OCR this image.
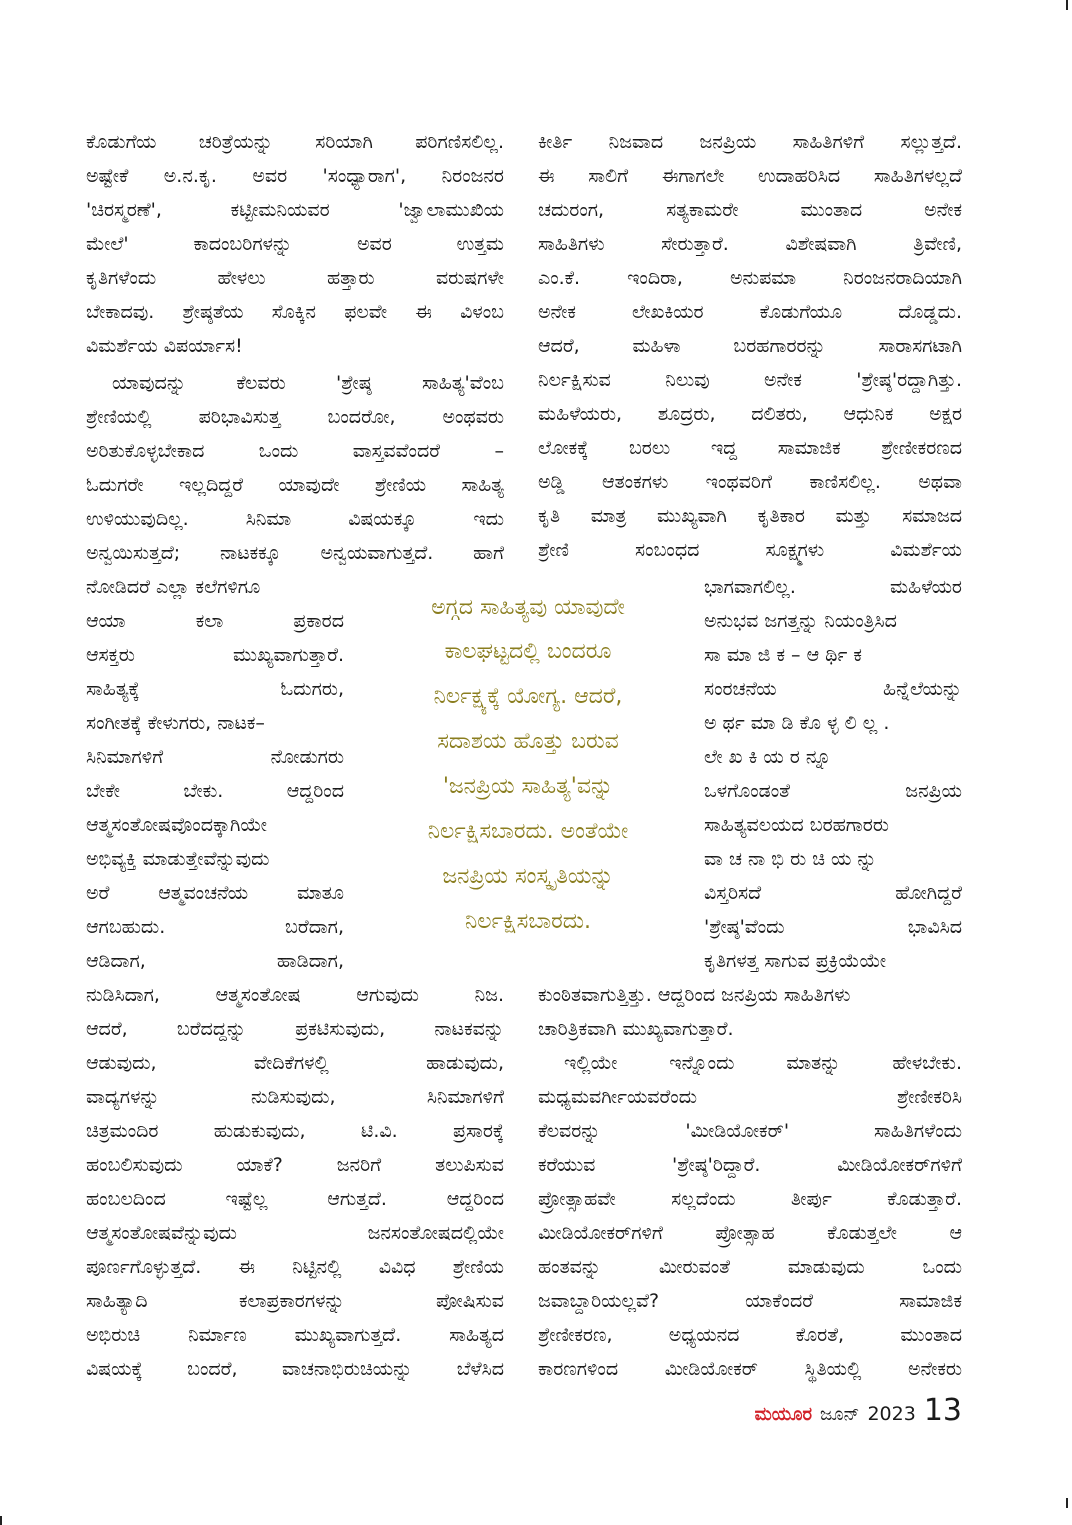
ಕೊಡುಗೆಯ ಚರಿತ್ರೆಯನ್ನು ಸರಿಯಾಗಿ ಪರಿಗಣಿಸಲಿಲ್ಲ.
ಅಷ್ಟೇಕೆ ಅ.ನ.ಕೃ. ಅವರ 'ಸಂಧ್ಯಾರಾಗ', ನಿರಂಜನರ
'ಚಿರಸ್ಮರಣೆ', ಕಟ್ಟೀಮನಿಯವರ 'ಜ್ವಾಲಾಮುಖಿಯ
ಮೇಲೆ' ಕಾದಂಬರಿಗಳನ್ನು ಅವರ ಉತ್ತಮ
ಕೃತಿಗಳೆಂದು ಹೇಳಲು ಹತ್ತಾರು ವರುಷಗಳೇ
ಬೇಕಾದವು. ಶ್ರೇಷ್ಠತೆಯ ಸೊಕ್ಕಿನ ಫಲವೇ ಈ ವಿಳಂಬ
ವಿಮರ್ಶೆಯ ವಿಪರ್ಯಾಸ!
ಯಾವುದನ್ನು ಕೆಲವರು 'ಶ್ರೇಷ್ಠ ಸಾಹಿತ್ಯ'ವೆಂಬ
ಶ್ರೇಣಿಯಲ್ಲಿ ಪರಿಭಾವಿಸುತ್ತ ಬಂದರೋ, ಅಂಥವರು
ಅರಿತುಕೊಳ್ಳಬೇಕಾದ ಒಂದು ವಾಸ್ತವವೆಂದರೆ –
ಓದುಗರೇ ಇಲ್ಲದಿದ್ದರೆ ಯಾವುದೇ ಶ್ರೇಣಿಯ ಸಾಹಿತ್ಯ
ಉಳಿಯುವುದಿಲ್ಲ. ಸಿನಿಮಾ ವಿಷಯಕ್ಕೂ ಇದು
ಅನ್ವಯಿಸುತ್ತದೆ; ನಾಟಕಕ್ಕೂ ಅನ್ವಯವಾಗುತ್ತದೆ. ಹಾಗೆ
ನೋಡಿದರೆ ಎಲ್ಲಾ ಕಲೆಗಳಿಗೂ
ಆಯಾ ಕಲಾ ಪ್ರಕಾರದ
ಆಸಕ್ತರು ಮುಖ್ಯವಾಗುತ್ತಾರೆ.
ಸಾಹಿತ್ಯಕ್ಕೆ ಓದುಗರು,
ಸಂಗೀತಕ್ಕೆ ಕೇಳುಗರು, ನಾಟಕ–
ಸಿನಿಮಾಗಳಿಗೆ ನೋಡುಗರು
ಬೇಕೇ ಬೇಕು. ಆದ್ದರಿಂದ
ಆತ್ಮಸಂತೋಷವೊಂದಕ್ಕಾಗಿಯೇ
ಅಭಿವ್ಯಕ್ತಿ ಮಾಡುತ್ತೇವೆನ್ನುವುದು
ಅರೆ ಆತ್ಮವಂಚನೆಯ ಮಾತೂ
ಆಗಬಹುದು. ಬರೆದಾಗ,
ಆಡಿದಾಗ, ಹಾಡಿದಾಗ,
ನುಡಿಸಿದಾಗ, ಆತ್ಮಸಂತೋಷ ಆಗುವುದು ನಿಜ.
ಆದರೆ, ಬರೆದದ್ದನ್ನು ಪ್ರಕಟಿಸುವುದು, ನಾಟಕವನ್ನು
ಆಡುವುದು, ವೇದಿಕೆಗಳಲ್ಲಿ ಹಾಡುವುದು,
ವಾದ್ಯಗಳನ್ನು ನುಡಿಸುವುದು, ಸಿನಿಮಾಗಳಿಗೆ
ಚಿತ್ರಮಂದಿರ ಹುಡುಕುವುದು, ಟಿ.ವಿ. ಪ್ರಸಾರಕ್ಕೆ
ಹಂಬಲಿಸುವುದು ಯಾಕೆ? ಜನರಿಗೆ ತಲುಪಿಸುವ
ಹಂಬಲದಿಂದ ಇಷ್ಟೆಲ್ಲ ಆಗುತ್ತದೆ. ಆದ್ದರಿಂದ
ಆತ್ಮಸಂತೋಷವೆನ್ನುವುದು ಜನಸಂತೋಷದಲ್ಲಿಯೇ
ಪೂರ್ಣಗೊಳ್ಳುತ್ತದೆ. ಈ ನಿಟ್ಟಿನಲ್ಲಿ ವಿವಿಧ ಶ್ರೇಣಿಯ
ಸಾಹಿತ್ಯಾದಿ ಕಲಾಪ್ರಕಾರಗಳನ್ನು ಪೋಷಿಸುವ
ಅಭಿರುಚಿ ನಿರ್ಮಾಣ ಮುಖ್ಯವಾಗುತ್ತದೆ. ಸಾಹಿತ್ಯದ
ವಿಷಯಕ್ಕೆ ಬಂದರೆ, ವಾಚನಾಭಿರುಚಿಯನ್ನು ಬೆಳೆಸಿದ
ಕೀರ್ತಿ ನಿಜವಾದ ಜನಪ್ರಿಯ ಸಾಹಿತಿಗಳಿಗೆ ಸಲ್ಲುತ್ತದೆ.
ಈ ಸಾಲಿಗೆ ಈಗಾಗಲೇ ಉದಾಹರಿಸಿದ ಸಾಹಿತಿಗಳಲ್ಲದೆ
ಚದುರಂಗ, ಸತ್ಯಕಾಮರೇ ಮುಂತಾದ ಅನೇಕ
ಸಾಹಿತಿಗಳು ಸೇರುತ್ತಾರೆ. ವಿಶೇಷವಾಗಿ ತ್ರಿವೇಣಿ,
ಎಂ.ಕೆ. ಇಂದಿರಾ, ಅನುಪಮಾ ನಿರಂಜನರಾದಿಯಾಗಿ
ಅನೇಕ ಲೇಖಕಿಯರ ಕೊಡುಗೆಯೂ ದೊಡ್ಡದು.
ಆದರೆ, ಮಹಿಳಾ ಬರಹಗಾರರನ್ನು ಸಾರಾಸಗಟಾಗಿ
ನಿರ್ಲಕ್ಷಿಸುವ ನಿಲುವು ಅನೇಕ 'ಶ್ರೇಷ್ಠ'ರದ್ದಾಗಿತ್ತು.
ಮಹಿಳೆಯರು, ಶೂದ್ರರು, ದಲಿತರು, ಆಧುನಿಕ ಅಕ್ಷರ
ಲೋಕಕ್ಕೆ ಬರಲು ಇದ್ದ ಸಾಮಾಜಿಕ ಶ್ರೇಣೀಕರಣದ
ಅಡ್ಡಿ ಆತಂಕಗಳು ಇಂಥವರಿಗೆ ಕಾಣಿಸಲಿಲ್ಲ. ಅಥವಾ
ಕೃತಿ ಮಾತ್ರ ಮುಖ್ಯವಾಗಿ ಕೃತಿಕಾರ ಮತ್ತು ಸಮಾಜದ
ಶ್ರೇಣಿ ಸಂಬಂಧದ ಸೂಕ್ಷ್ಮಗಳು ವಿಮರ್ಶೆಯ
ಭಾಗವಾಗಲಿಲ್ಲ. ಮಹಿಳೆಯರ
ಅನುಭವ ಜಗತ್ತನ್ನು ನಿಯಂತ್ರಿಸಿದ
ಸಾ ಮಾ ಜಿ ಕ – ಆ ರ್ಥಿ ಕ
ಸಂರಚನೆಯ ಹಿನ್ನೆಲೆಯನ್ನು
ಅ ರ್ಥ ಮಾ ಡಿ ಕೊ ಳ್ಳ ಲಿ ಲ್ಲ .
ಲೇ ಖ ಕಿ ಯ ರ ನ್ನೂ
ಒಳಗೊಂಡಂತೆ ಜನಪ್ರಿಯ
ಸಾಹಿತ್ಯವಲಯದ ಬರಹಗಾರರು
ವಾ ಚ ನಾ ಭಿ ರು ಚಿ ಯ ನ್ನು
ವಿಸ್ತರಿಸದೆ ಹೋಗಿದ್ದರೆ
'ಶ್ರೇಷ್ಠ'ವೆಂದು ಭಾವಿಸಿದ
ಕೃತಿಗಳತ್ತ ಸಾಗುವ ಪ್ರಕ್ರಿಯೆಯೇ
ಕುಂಠಿತವಾಗುತ್ತಿತ್ತು. ಆದ್ದರಿಂದ ಜನಪ್ರಿಯ ಸಾಹಿತಿಗಳು
ಚಾರಿತ್ರಿಕವಾಗಿ ಮುಖ್ಯವಾಗುತ್ತಾರೆ.
ಇಲ್ಲಿಯೇ ಇನ್ನೊಂದು ಮಾತನ್ನು ಹೇಳಬೇಕು.
ಮಧ್ಯಮವರ್ಗೀಯವರೆಂದು ಶ್ರೇಣೀಕರಿಸಿ
ಕೆಲವರನ್ನು 'ಮೀಡಿಯೋಕರ್' ಸಾಹಿತಿಗಳೆಂದು
ಕರೆಯುವ 'ಶ್ರೇಷ್ಠ'ರಿದ್ದಾರೆ. ಮೀಡಿಯೋಕರ್‌ಗಳಿಗೆ
ಪ್ರೋತ್ಸಾಹವೇ ಸಲ್ಲದೆಂದು ತೀರ್ಪು ಕೊಡುತ್ತಾರೆ.
ಮೀಡಿಯೋಕರ್‌ಗಳಿಗೆ ಪ್ರೋತ್ಸಾಹ ಕೊಡುತ್ತಲೇ ಆ
ಹಂತವನ್ನು ಮೀರುವಂತೆ ಮಾಡುವುದು ಒಂದು
ಜವಾಬ್ದಾರಿಯಲ್ಲವೆ? ಯಾಕೆಂದರೆ ಸಾಮಾಜಿಕ
ಶ್ರೇಣೀಕರಣ, ಅಧ್ಯಯನದ ಕೊರತೆ, ಮುಂತಾದ
ಕಾರಣಗಳಿಂದ ಮೀಡಿಯೋಕರ್ ಸ್ಥಿತಿಯಲ್ಲಿ ಅನೇಕರು
ಅಗ್ಗದ ಸಾಹಿತ್ಯವು ಯಾವುದೇ
ಕಾಲಘಟ್ಟದಲ್ಲಿ ಬಂದರೂ
ನಿರ್ಲಕ್ಷ್ಯಕ್ಕೆ ಯೋಗ್ಯ. ಆದರೆ,
ಸದಾಶಯ ಹೊತ್ತು ಬರುವ
'ಜನಪ್ರಿಯ ಸಾಹಿತ್ಯ'ವನ್ನು
ನಿರ್ಲಕ್ಷಿಸಬಾರದು. ಅಂತೆಯೇ
ಜನಪ್ರಿಯ ಸಂಸ್ಕೃತಿಯನ್ನು
ನಿರ್ಲಕ್ಷಿಸಬಾರದು.
ಮಯೂರ ಜೂನ್ 2023 13
